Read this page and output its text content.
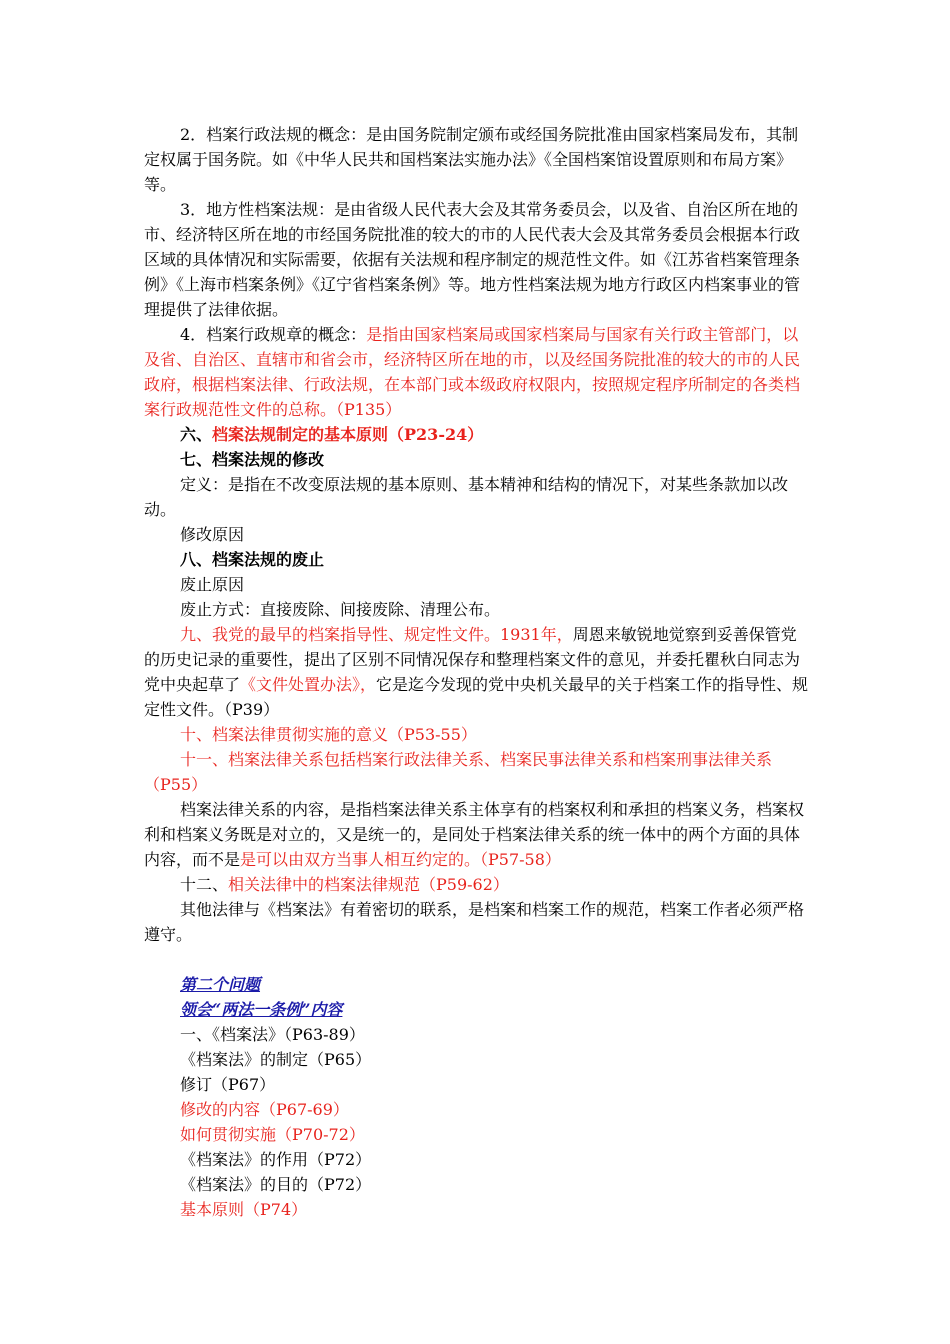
2．档案行政法规的概念：是由国务院制定颁布或经国务院批准由国家档案局发布，其制定权属于国务院。如《中华人民共和国档案法实施办法》《全国档案馆设置原则和布局方案》等。

3．地方性档案法规：是由省级人民代表大会及其常务委员会，以及省、自治区所在地的市、经济特区所在地的市经国务院批准的较大的市的人民代表大会及其常务委员会根据本行政区域的具体情况和实际需要，依据有关法规和程序制定的规范性文件。如《江苏省档案管理条例》《上海市档案条例》《辽宁省档案条例》等。地方性档案法规为地方行政区内档案事业的管理提供了法律依据。

4．档案行政规章的概念：是指由国家档案局或国家档案局与国家有关行政主管部门，以及省、自治区、直辖市和省会市，经济特区所在地的市，以及经国务院批准的较大的市的人民政府，根据档案法律、行政法规，在本部门或本级政府权限内，按照规定程序所制定的各类档案行政规范性文件的总称。（P135）

六、档案法规制定的基本原则（P23-24）

七、档案法规的修改

定义：是指在不改变原法规的基本原则、基本精神和结构的情况下，对某些条款加以改动。

修改原因

八、档案法规的废止

废止原因

废止方式：直接废除、间接废除、清理公布。

九、我党的最早的档案指导性、规定性文件。1931年，周恩来敏锐地觉察到妥善保管党的历史记录的重要性，提出了区别不同情况保存和整理档案文件的意见，并委托瞿秋白同志为党中央起草了《文件处置办法》，它是迄今发现的党中央机关最早的关于档案工作的指导性、规定性文件。（P39）

十、档案法律贯彻实施的意义（P53-55）

十一、档案法律关系包括档案行政法律关系、档案民事法律关系和档案刑事法律关系（P55）

档案法律关系的内容，是指档案法律关系主体享有的档案权利和承担的档案义务，档案权利和档案义务既是对立的，又是统一的，是同处于档案法律关系的统一体中的两个方面的具体内容，而不是是可以由双方当事人相互约定的。（P57-58）

十二、相关法律中的档案法律规范（P59-62）

其他法律与《档案法》有着密切的联系，是档案和档案工作的规范，档案工作者必须严格遵守。

第二个问题

领会“两法一条例”内容

一、《档案法》（P63-89）

《档案法》的制定（P65）

修订（P67）

修改的内容（P67-69）

如何贯彻实施（P70-72）

《档案法》的作用（P72）

《档案法》的目的（P72）

基本原则（P74）
